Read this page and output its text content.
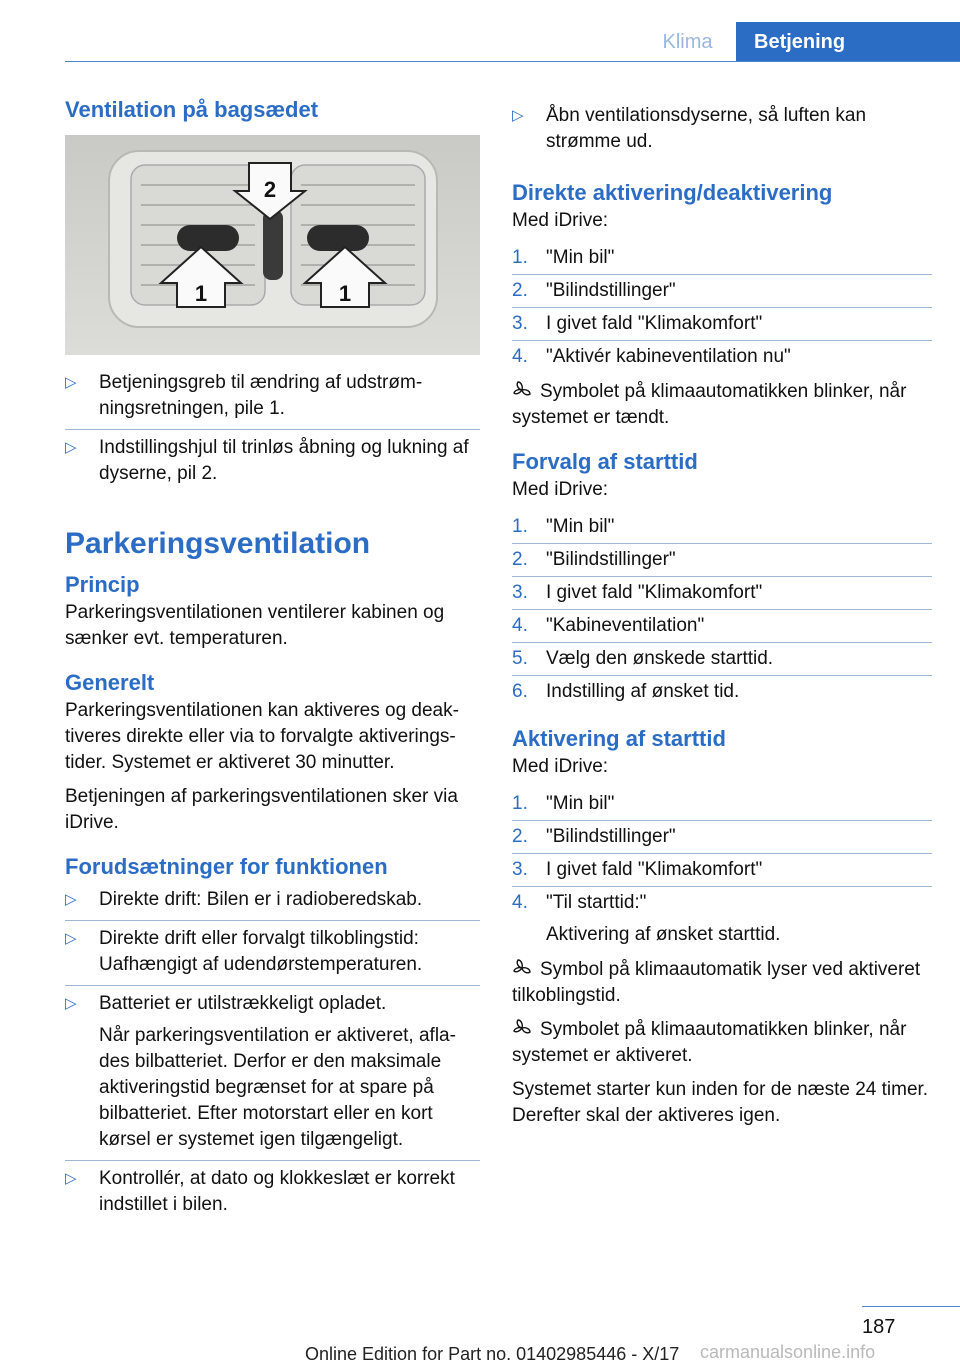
Klima	Betjening
Ventilation på bagsædet
2
1	1
▷ Betjeningsgreb til ændring af udstrømningsretningen, pile 1.
▷ Indstillingshjul til trinløs åbning og lukning af dyserne, pil 2.
Parkeringsventilation
Princip

Parkeringsventilationen ventilerer kabinen og sænker evt. temperaturen.

Generelt

Parkeringsventilationen kan aktiveres og deaktiveres direkte eller via to forvalgte aktiveringstider. Systemet er aktiveret 30 minutter.

Betjeningen af parkeringsventilationen sker via iDrive.

Forudsætninger for funktionen
▷ Direkte drift: Bilen er i radioberedskab.
▷ Direkte drift eller forvalgt tilkoblingstid: Uafhængigt af udendørstemperaturen.
▷ Batteriet er utilstrækkeligt opladet.
Når parkeringsventilation er aktiveret, aflades bilbatteriet. Derfor er den maksimale aktiveringstid begrænset for at spare på bilbatteriet. Efter motorstart eller en kort kørsel er systemet igen tilgængeligt.
▷ Kontrollér, at dato og klokkeslæt er korrekt indstillet i bilen.
▷ Åbn ventilationsdyserne, så luften kan strømme ud.
Direkte aktivering/deaktivering

Med iDrive:

1. "Min bil"
2. "Bilindstillinger"
3. I givet fald "Klimakomfort"
4. "Aktivér kabineventilation nu"
Symbolet på klimaautomatikken blinker, når systemet er tændt.
Forvalg af starttid

Med iDrive:

1. "Min bil"
2. "Bilindstillinger"
3. I givet fald "Klimakomfort"
4. "Kabineventilation"
5. Vælg den ønskede starttid.
6. Indstilling af ønsket tid.
Aktivering af starttid

Med iDrive:

1. "Min bil"
2. "Bilindstillinger"
3. I givet fald "Klimakomfort"
4. "Til starttid:"
Aktivering af ønsket starttid.
Symbol på klimaautomatik lyser ved aktiveret tilkoblingstid.
Symbolet på klimaautomatikken blinker, når systemet er aktiveret.

Systemet starter kun inden for de næste 24 timer. Derefter skal der aktiveres igen.

187
Online Edition for Part no. 01402985446 - X/17 carmanualsonline.info
